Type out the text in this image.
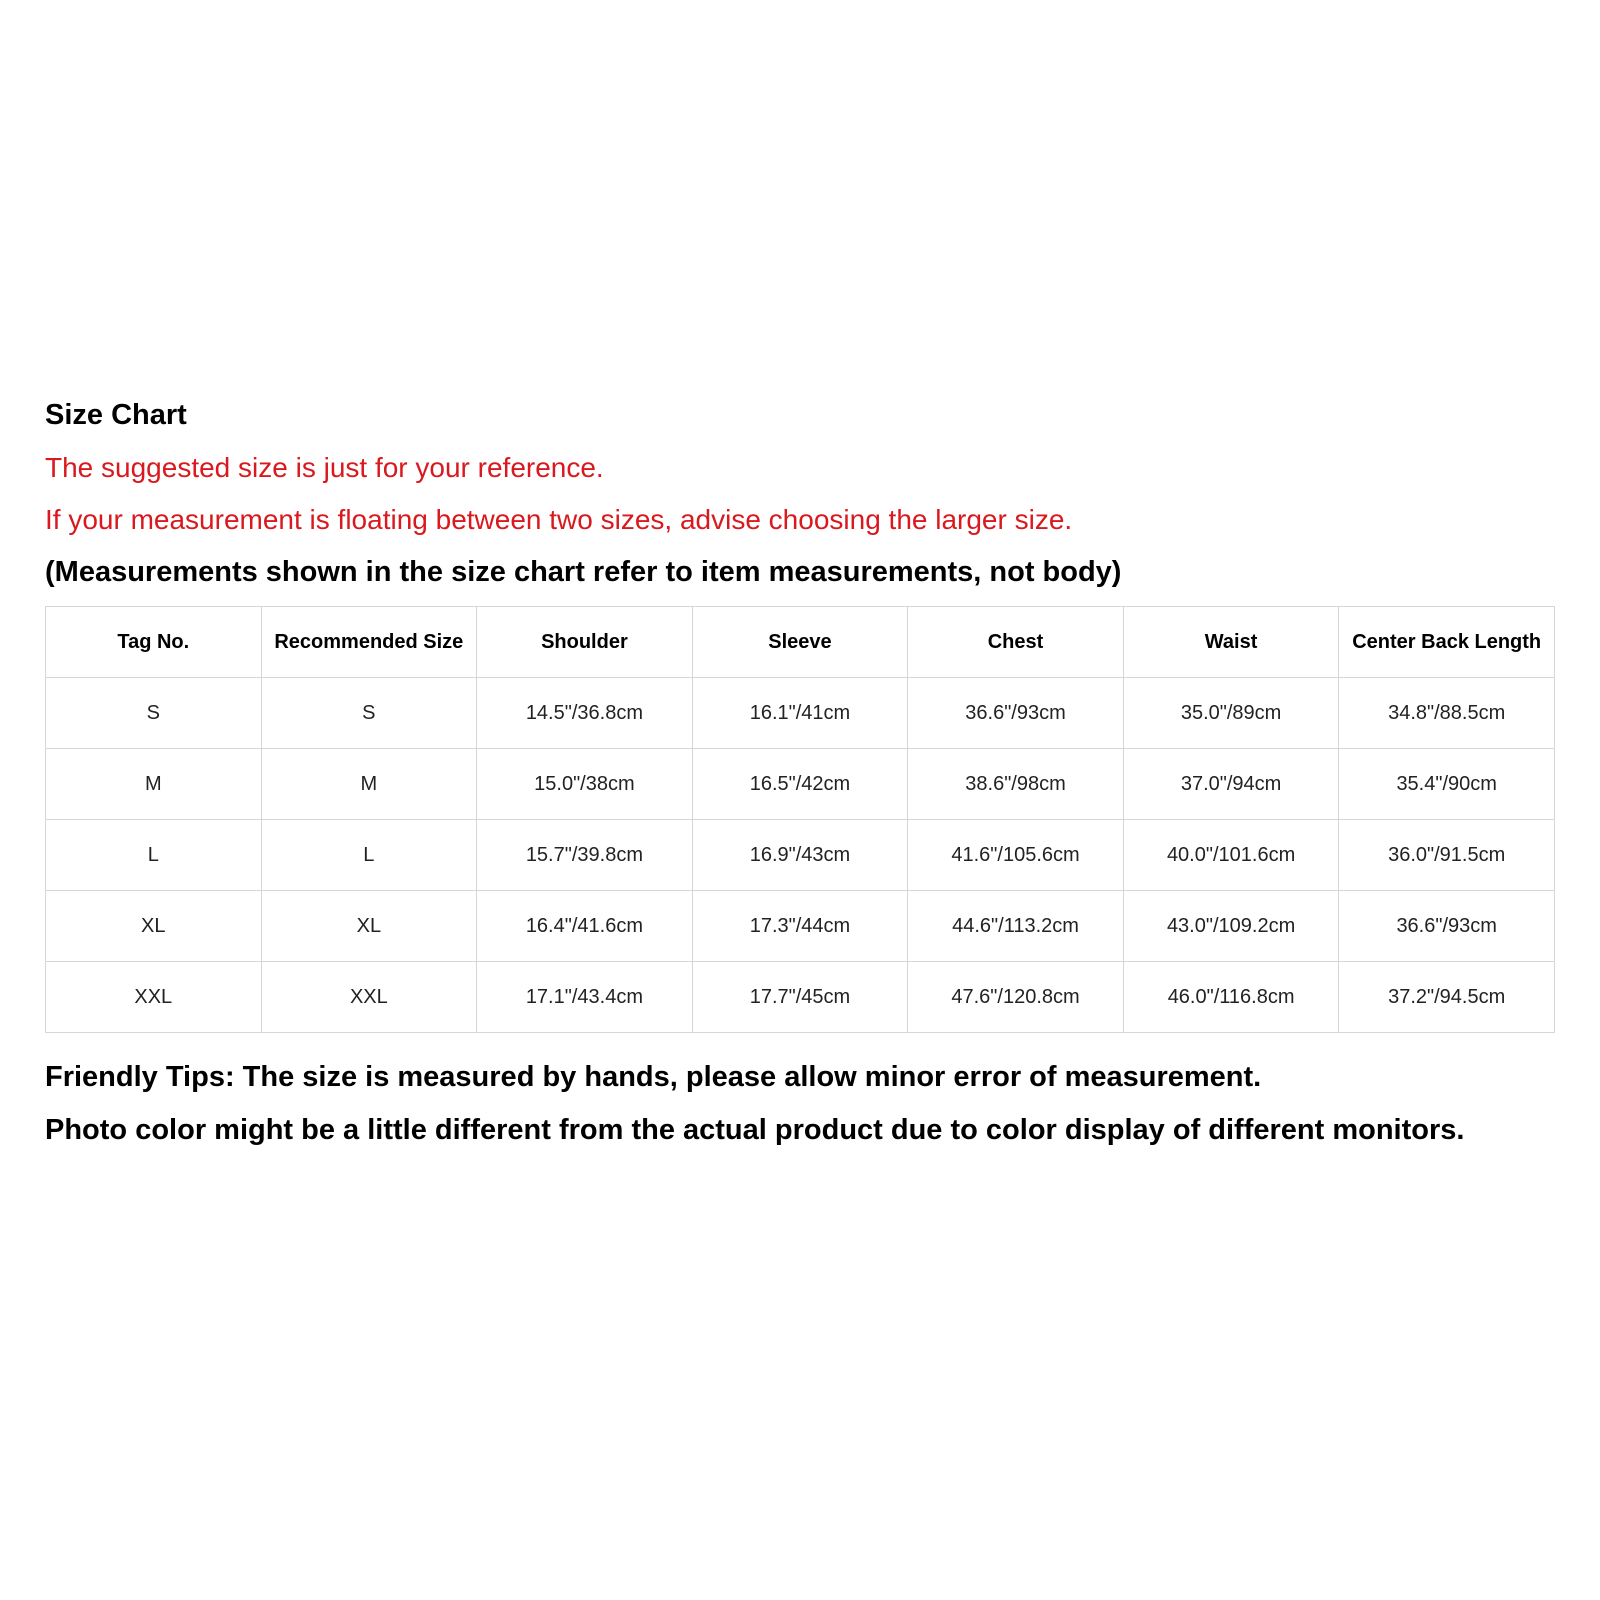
Size Chart
The suggested size is just for your reference.
If your measurement is floating between two sizes, advise choosing the larger size.
(Measurements shown in the size chart refer to item measurements, not body)
Tag No.	Recommended Size	Shoulder	Sleeve	Chest	Waist	Center Back Length
S	S	14.5"/36.8cm	16.1"/41cm	36.6"/93cm	35.0"/89cm	34.8"/88.5cm
M	M	15.0"/38cm	16.5"/42cm	38.6"/98cm	37.0"/94cm	35.4"/90cm
L	L	15.7"/39.8cm	16.9"/43cm	41.6"/105.6cm	40.0"/101.6cm	36.0"/91.5cm
XL	XL	16.4"/41.6cm	17.3"/44cm	44.6"/113.2cm	43.0"/109.2cm	36.6"/93cm
XXL	XXL	17.1"/43.4cm	17.7"/45cm	47.6"/120.8cm	46.0"/116.8cm	37.2"/94.5cm
Friendly Tips: The size is measured by hands, please allow minor error of measurement.
Photo color might be a little different from the actual product due to color display of different monitors.
